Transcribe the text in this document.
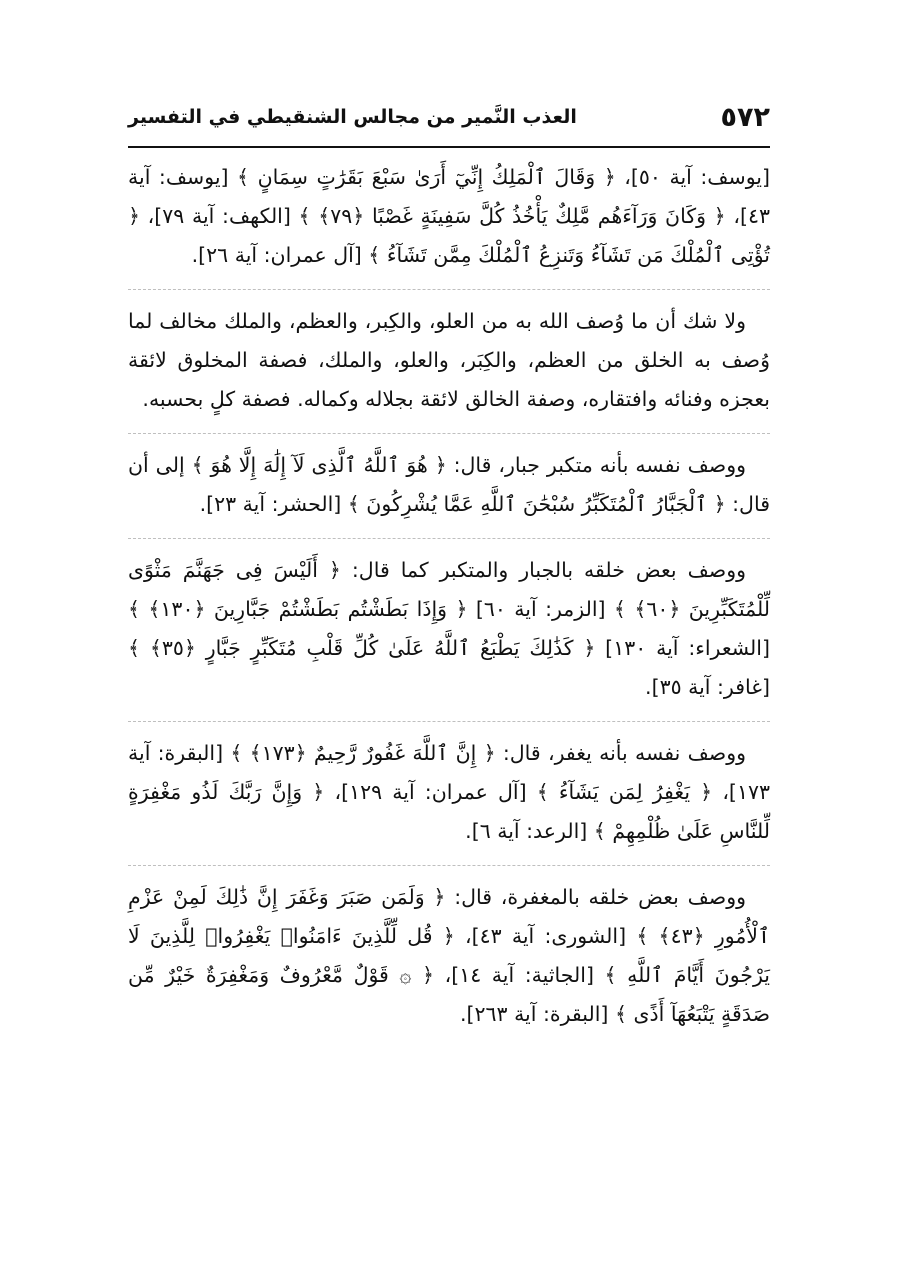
٥٧٢
العذب النَّمير من مجالس الشنقيطي في التفسير

[يوسف: آية ٥٠]، ﴿ وَقَالَ ٱلْمَلِكُ إِنِّيٓ أَرَىٰ سَبْعَ بَقَرَٰتٍ سِمَانٍ ﴾ [يوسف: آية ٤٣]، ﴿ وَكَانَ وَرَآءَهُم مَّلِكٌ يَأْخُذُ كُلَّ سَفِينَةٍ غَصْبًا ﴿٧٩﴾ ﴾ [الكهف: آية ٧٩]، ﴿ تُؤْتِى ٱلْمُلْكَ مَن تَشَآءُ وَتَنزِعُ ٱلْمُلْكَ مِمَّن تَشَآءُ ﴾ [آل عمران: آية ٢٦].

ولا شك أن ما وُصف الله به من العلو، والكِبر، والعظم، والملك مخالف لما وُصف به الخلق من العظم، والكِبَر، والعلو، والملك، فصفة المخلوق لائقة بعجزه وفنائه وافتقاره، وصفة الخالق لائقة بجلاله وكماله. فصفة كلٍ بحسبه.

ووصف نفسه بأنه متكبر جبار، قال: ﴿ هُوَ ٱللَّهُ ٱلَّذِى لَآ إِلَٰهَ إِلَّا هُوَ ﴾ إلى أن قال: ﴿ ٱلْجَبَّارُ ٱلْمُتَكَبِّرُ سُبْحَٰنَ ٱللَّهِ عَمَّا يُشْرِكُونَ ﴾ [الحشر: آية ٢٣].

ووصف بعض خلقه بالجبار والمتكبر كما قال: ﴿ أَلَيْسَ فِى جَهَنَّمَ مَثْوًى لِّلْمُتَكَبِّرِينَ ﴿٦٠﴾ ﴾ [الزمر: آية ٦٠] ﴿ وَإِذَا بَطَشْتُم بَطَشْتُمْ جَبَّارِينَ ﴿١٣٠﴾ ﴾ [الشعراء: آية ١٣٠] ﴿ كَذَٰلِكَ يَطْبَعُ ٱللَّهُ عَلَىٰ كُلِّ قَلْبِ مُتَكَبِّرٍ جَبَّارٍ ﴿٣٥﴾ ﴾ [غافر: آية ٣٥].

ووصف نفسه بأنه يغفر، قال: ﴿ إِنَّ ٱللَّهَ غَفُورٌ رَّحِيمٌ ﴿١٧٣﴾ ﴾ [البقرة: آية ١٧٣]، ﴿ يَغْفِرُ لِمَن يَشَآءُ ﴾ [آل عمران: آية ١٢٩]، ﴿ وَإِنَّ رَبَّكَ لَذُو مَغْفِرَةٍ لِّلنَّاسِ عَلَىٰ ظُلْمِهِمْ ﴾ [الرعد: آية ٦].

ووصف بعض خلقه بالمغفرة، قال: ﴿ وَلَمَن صَبَرَ وَغَفَرَ إِنَّ ذَٰلِكَ لَمِنْ عَزْمِ ٱلْأُمُورِ ﴿٤٣﴾ ﴾ [الشورى: آية ٤٣]، ﴿ قُل لِّلَّذِينَ ءَامَنُوا۟ يَغْفِرُوا۟ لِلَّذِينَ لَا يَرْجُونَ أَيَّامَ ٱللَّهِ ﴾ [الجاثية: آية ١٤]، ﴿ ۞ قَوْلٌ مَّعْرُوفٌ وَمَغْفِرَةٌ خَيْرٌ مِّن صَدَقَةٍ يَتْبَعُهَآ أَذًى ﴾ [البقرة: آية ٢٦٣].
